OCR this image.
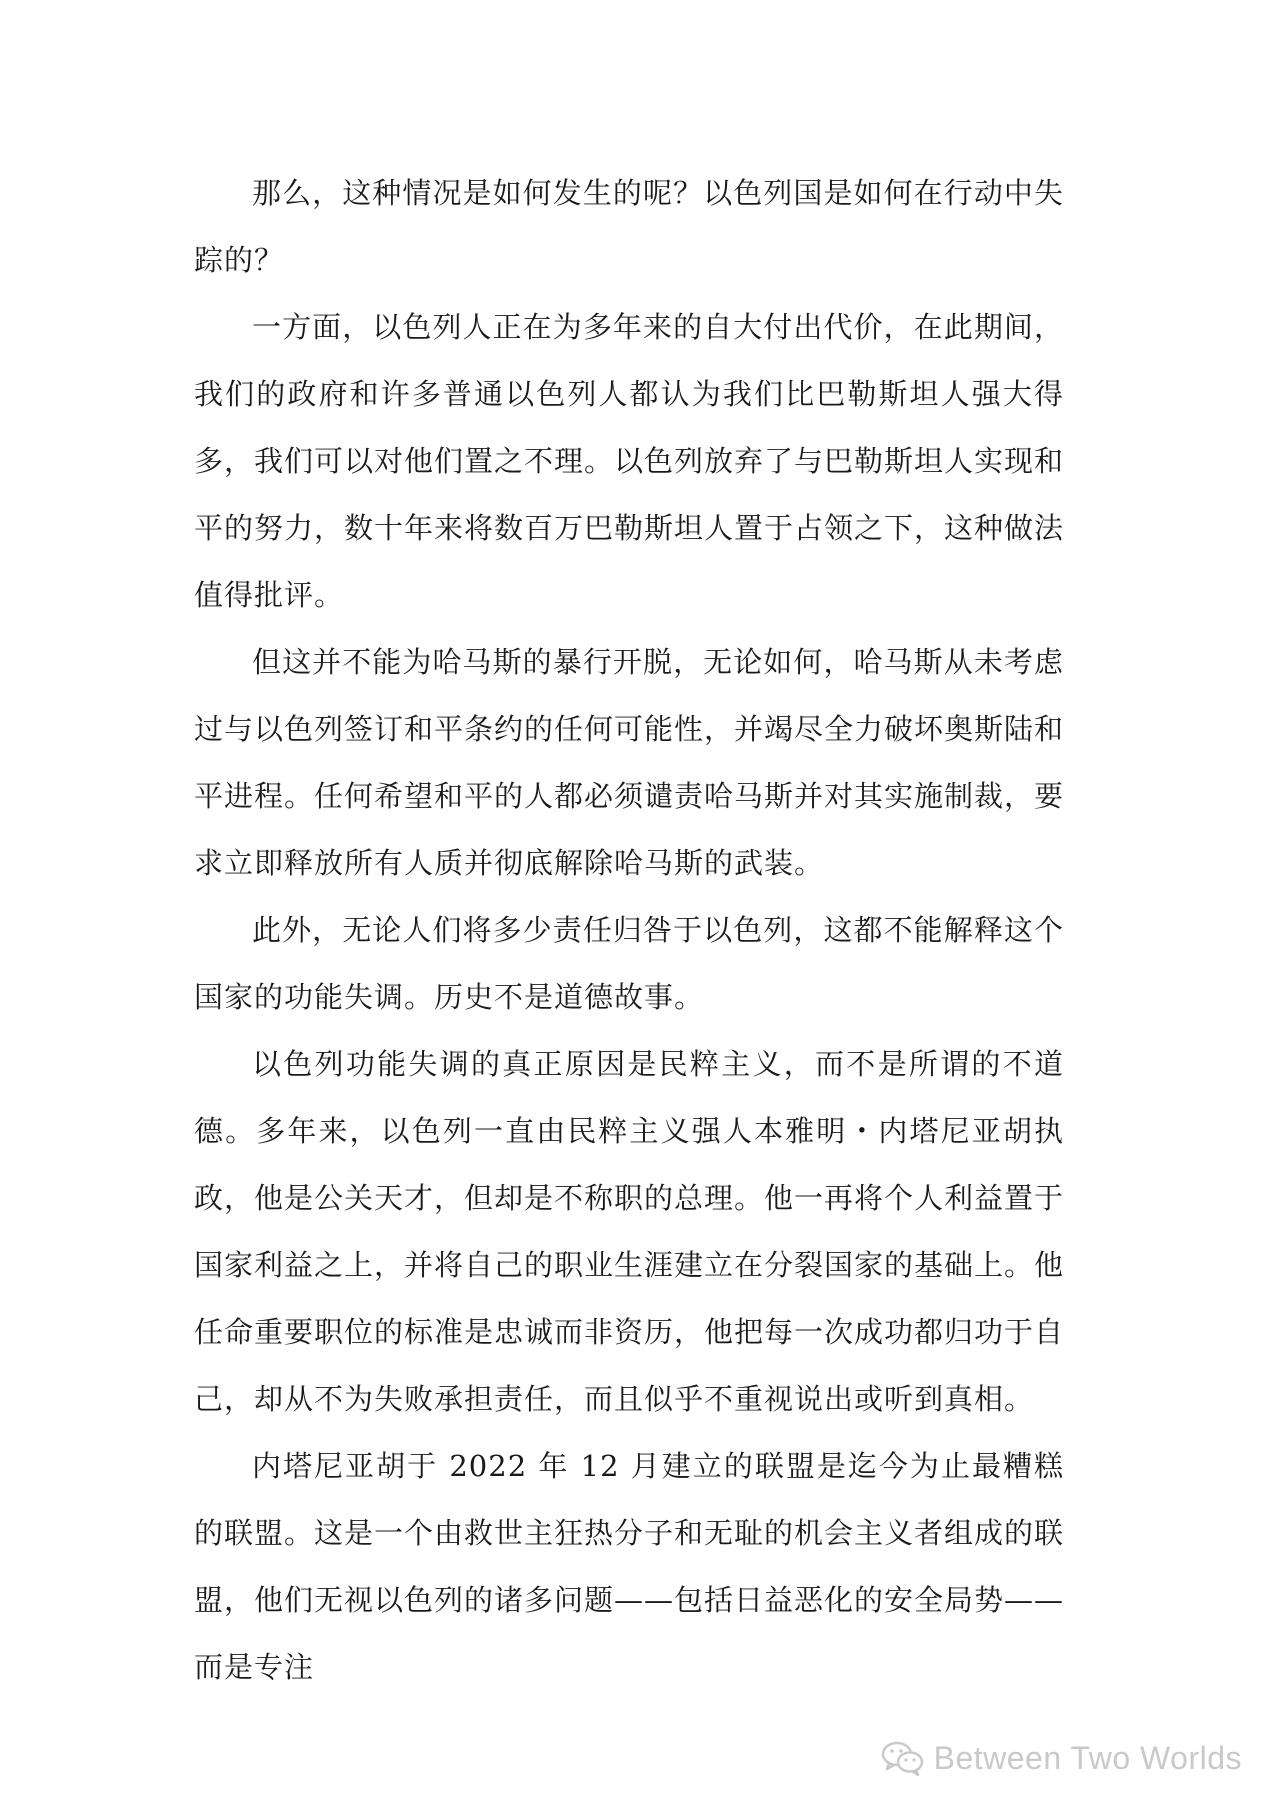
那么，这种情况是如何发生的呢？以色列国是如何在行动中失踪的？

一方面，以色列人正在为多年来的自大付出代价，在此期间，我们的政府和许多普通以色列人都认为我们比巴勒斯坦人强大得多，我们可以对他们置之不理。以色列放弃了与巴勒斯坦人实现和平的努力，数十年来将数百万巴勒斯坦人置于占领之下，这种做法值得批评。

但这并不能为哈马斯的暴行开脱，无论如何，哈马斯从未考虑过与以色列签订和平条约的任何可能性，并竭尽全力破坏奥斯陆和平进程。任何希望和平的人都必须谴责哈马斯并对其实施制裁，要求立即释放所有人质并彻底解除哈马斯的武装。

此外，无论人们将多少责任归咎于以色列，这都不能解释这个国家的功能失调。历史不是道德故事。

以色列功能失调的真正原因是民粹主义，而不是所谓的不道德。多年来，以色列一直由民粹主义强人本雅明・内塔尼亚胡执政，他是公关天才，但却是不称职的总理。他一再将个人利益置于国家利益之上，并将自己的职业生涯建立在分裂国家的基础上。他任命重要职位的标准是忠诚而非资历，他把每一次成功都归功于自己，却从不为失败承担责任，而且似乎不重视说出或听到真相。

内塔尼亚胡于 2022 年 12 月建立的联盟是迄今为止最糟糕的联盟。这是一个由救世主狂热分子和无耻的机会主义者组成的联盟，他们无视以色列的诸多问题——包括日益恶化的安全局势——而是专注

Between Two Worlds
